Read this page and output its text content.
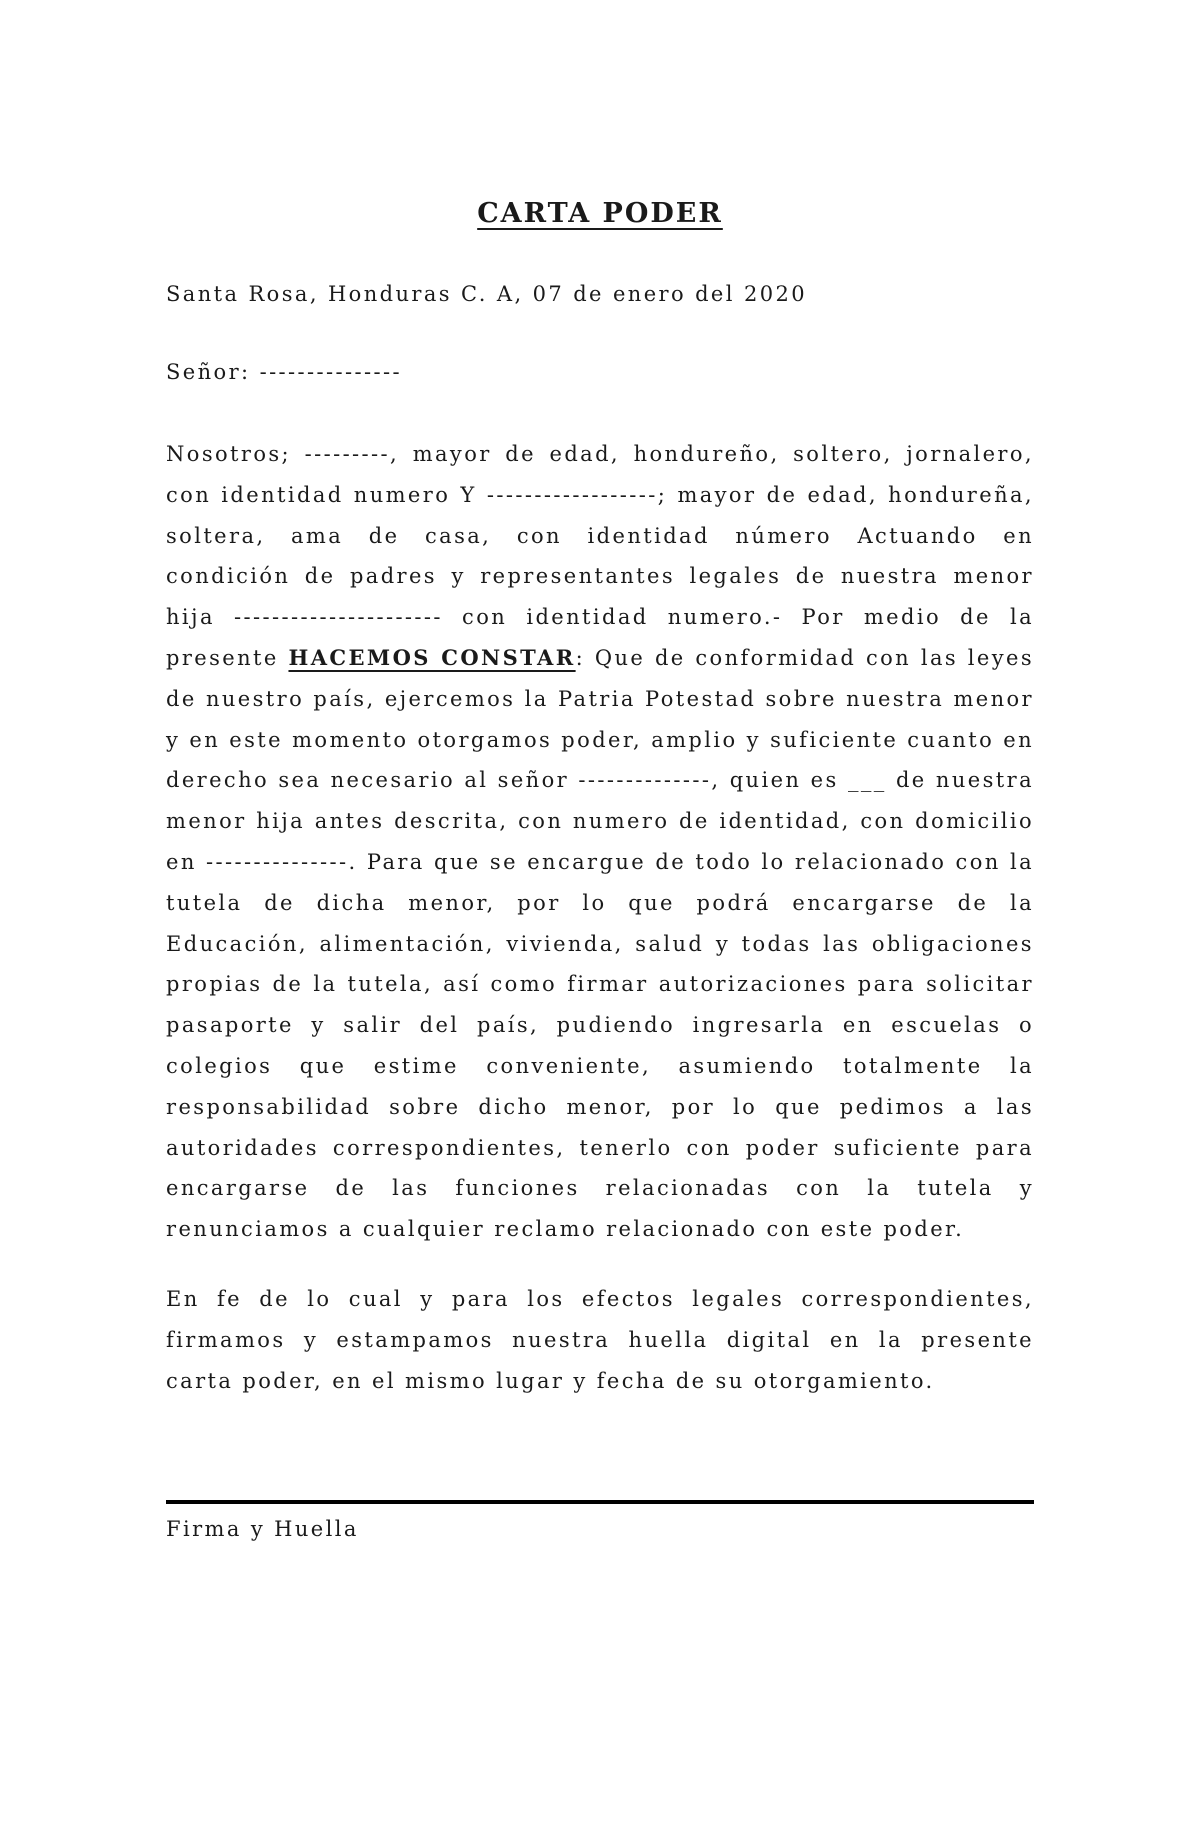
CARTA PODER

Santa Rosa, Honduras C. A, 07 de enero del 2020

Señor: ---------------

Nosotros; ---------, mayor de edad, hondureño, soltero, jornalero, con identidad numero Y ------------------; mayor de edad, hondureña, soltera, ama de casa, con identidad número Actuando en condición de padres y representantes legales de nuestra menor hija ---------------------- con identidad numero.- Por medio de la presente HACEMOS CONSTAR: Que de conformidad con las leyes de nuestro país, ejercemos la Patria Potestad sobre nuestra menor y en este momento otorgamos poder, amplio y suficiente cuanto en derecho sea necesario al señor --------------, quien es ___ de nuestra menor hija antes descrita, con numero de identidad, con domicilio en ---------------. Para que se encargue de todo lo relacionado con la tutela de dicha menor, por lo que podrá encargarse de la Educación, alimentación, vivienda, salud y todas las obligaciones propias de la tutela, así como firmar autorizaciones para solicitar pasaporte y salir del país, pudiendo ingresarla en escuelas o colegios que estime conveniente, asumiendo totalmente la responsabilidad sobre dicho menor, por lo que pedimos a las autoridades correspondientes, tenerlo con poder suficiente para encargarse de las funciones relacionadas con la tutela y renunciamos a cualquier reclamo relacionado con este poder.

En fe de lo cual y para los efectos legales correspondientes, firmamos y estampamos nuestra huella digital en la presente carta poder, en el mismo lugar y fecha de su otorgamiento.

Firma y Huella
